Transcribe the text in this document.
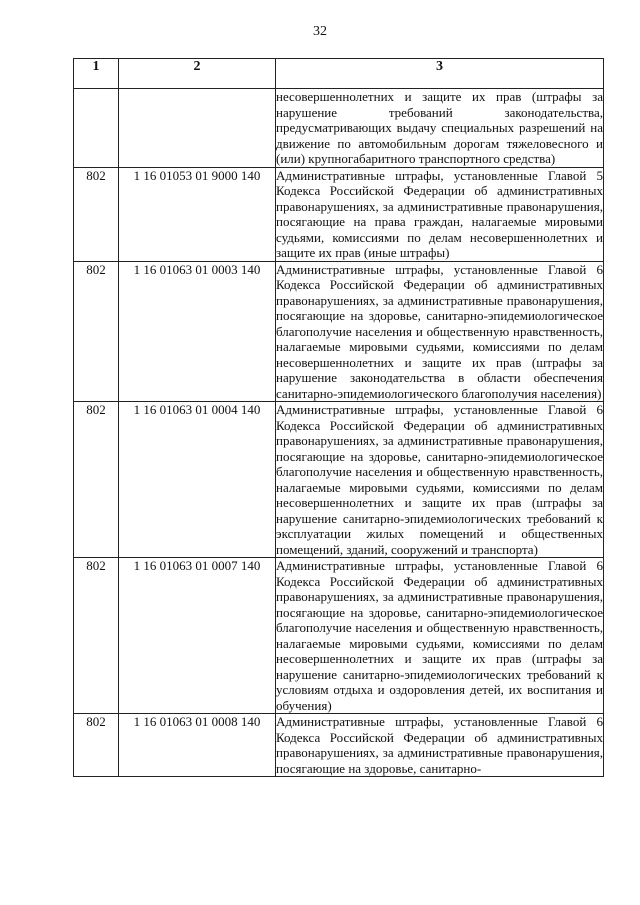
32
1	2	3
		несовершеннолетних и защите их прав (штрафы за нарушение требований законодательства, предусматривающих выдачу специальных разрешений на движение по автомобильным дорогам тяжеловесного и (или) крупногабаритного транспортного средства)
802	1 16 01053 01 9000 140	Административные штрафы, установленные Главой 5 Кодекса Российской Федерации об административных правонарушениях, за административные правонарушения, посягающие на права граждан, налагаемые мировыми судьями, комиссиями по делам несовершеннолетних и защите их прав (иные штрафы)
802	1 16 01063 01 0003 140	Административные штрафы, установленные Главой 6 Кодекса Российской Федерации об административных правонарушениях, за административные правонарушения, посягающие на здоровье, санитарно-эпидемиологическое благополучие населения и общественную нравственность, налагаемые мировыми судьями, комиссиями по делам несовершеннолетних и защите их прав (штрафы за нарушение законодательства в области обеспечения санитарно-эпидемиологического благополучия населения)
802	1 16 01063 01 0004 140	Административные штрафы, установленные Главой 6 Кодекса Российской Федерации об административных правонарушениях, за административные правонарушения, посягающие на здоровье, санитарно-эпидемиологическое благополучие населения и общественную нравственность, налагаемые мировыми судьями, комиссиями по делам несовершеннолетних и защите их прав (штрафы за нарушение санитарно-эпидемиологических требований к эксплуатации жилых помещений и общественных помещений, зданий, сооружений и транспорта)
802	1 16 01063 01 0007 140	Административные штрафы, установленные Главой 6 Кодекса Российской Федерации об административных правонарушениях, за административные правонарушения, посягающие на здоровье, санитарно-эпидемиологическое благополучие населения и общественную нравственность, налагаемые мировыми судьями, комиссиями по делам несовершеннолетних и защите их прав (штрафы за нарушение санитарно-эпидемиологических требований к условиям отдыха и оздоровления детей, их воспитания и обучения)
802	1 16 01063 01 0008 140	Административные штрафы, установленные Главой 6 Кодекса Российской Федерации об административных правонарушениях, за административные правонарушения, посягающие на здоровье, санитарно-
